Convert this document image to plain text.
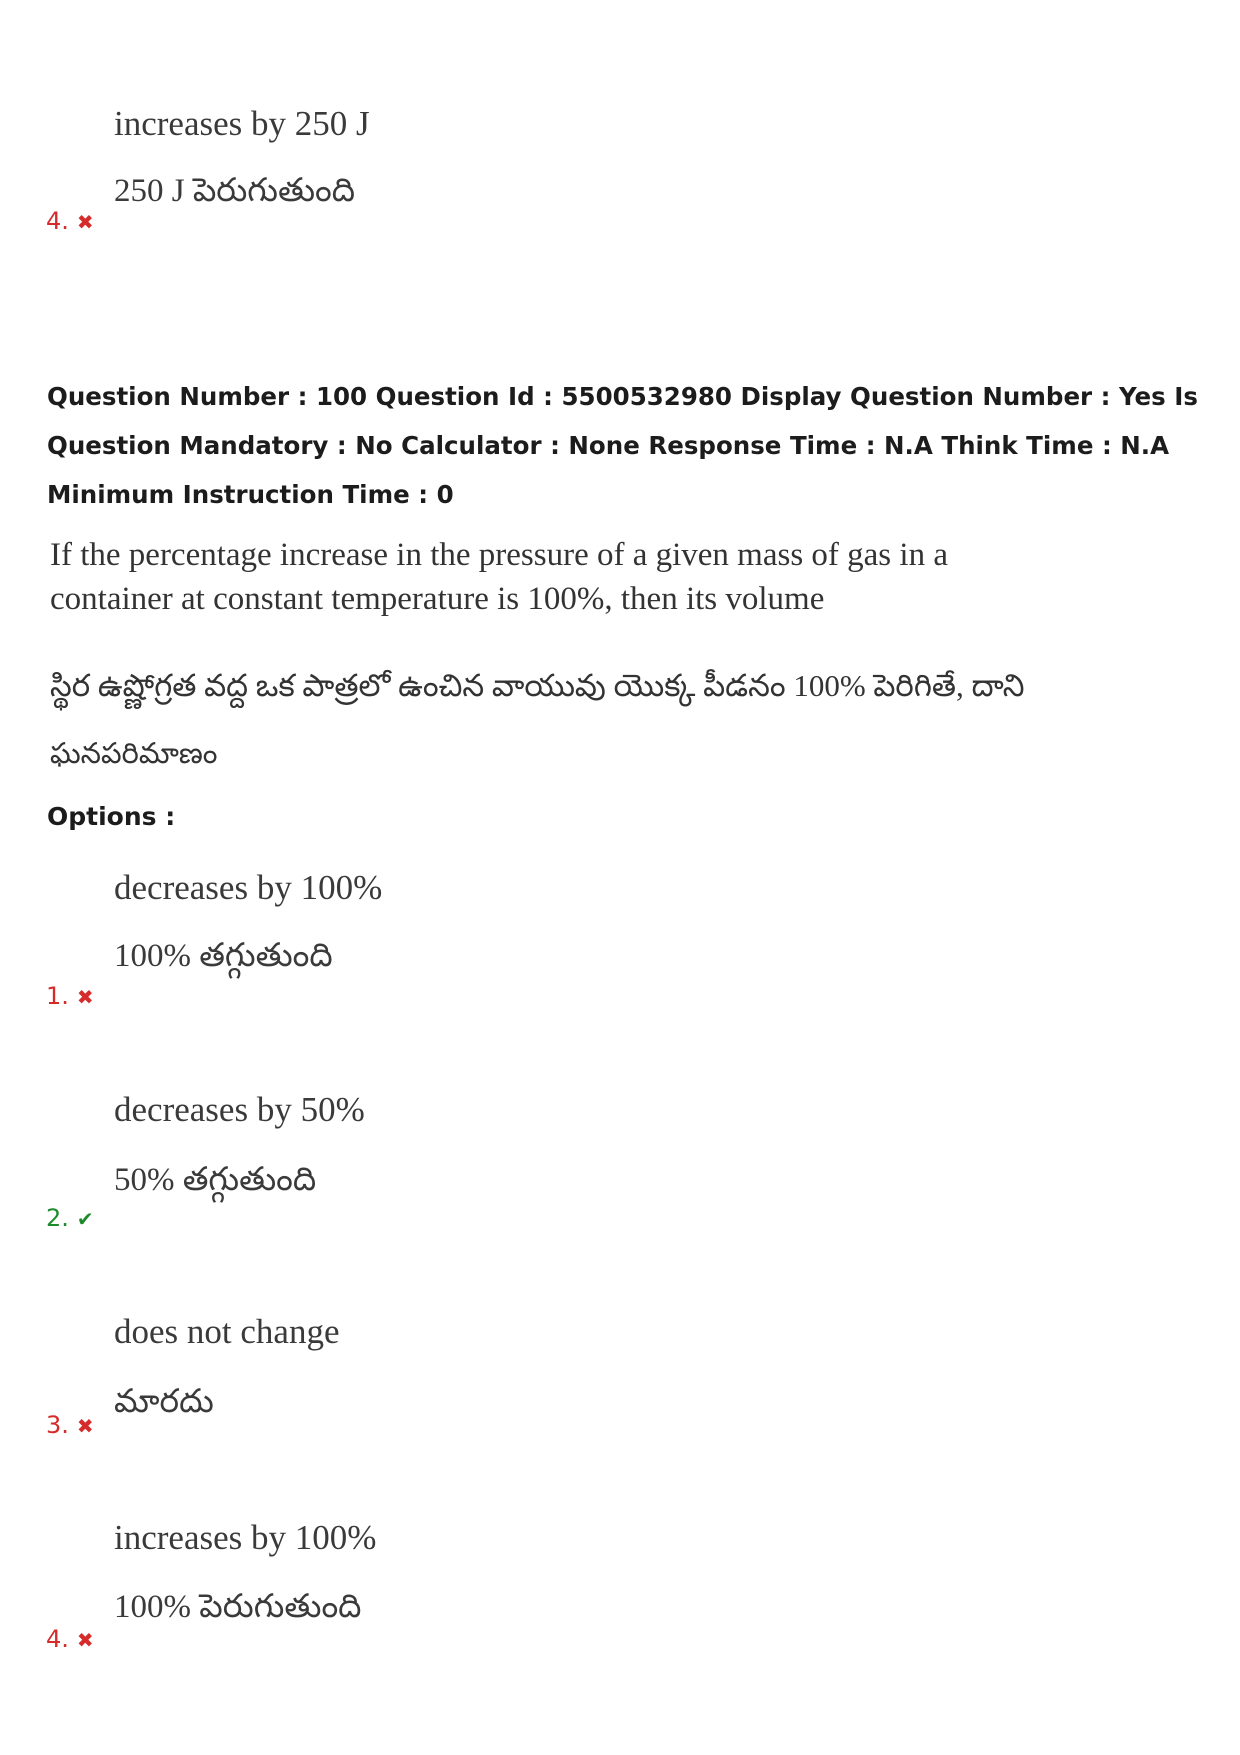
increases by 250 J
250 J పెరుగుతుంది
4. ✖
Question Number : 100 Question Id : 5500532980 Display Question Number : Yes Is Question Mandatory : No Calculator : None Response Time : N.A Think Time : N.A Minimum Instruction Time : 0
If the percentage increase in the pressure of a given mass of gas in a container at constant temperature is 100%, then its volume
స్థిర ఉష్ణోగ్రత వద్ద ఒక పాత్రలో ఉంచిన వాయువు యొక్క పీడనం 100% పెరిగితే, దాని
ఘనపరిమాణం
Options :
decreases by 100%
100% తగ్గుతుంది
1. ✖
decreases by 50%
50% తగ్గుతుంది
2. ✔
does not change
మారదు
3. ✖
increases by 100%
100% పెరుగుతుంది
4. ✖
